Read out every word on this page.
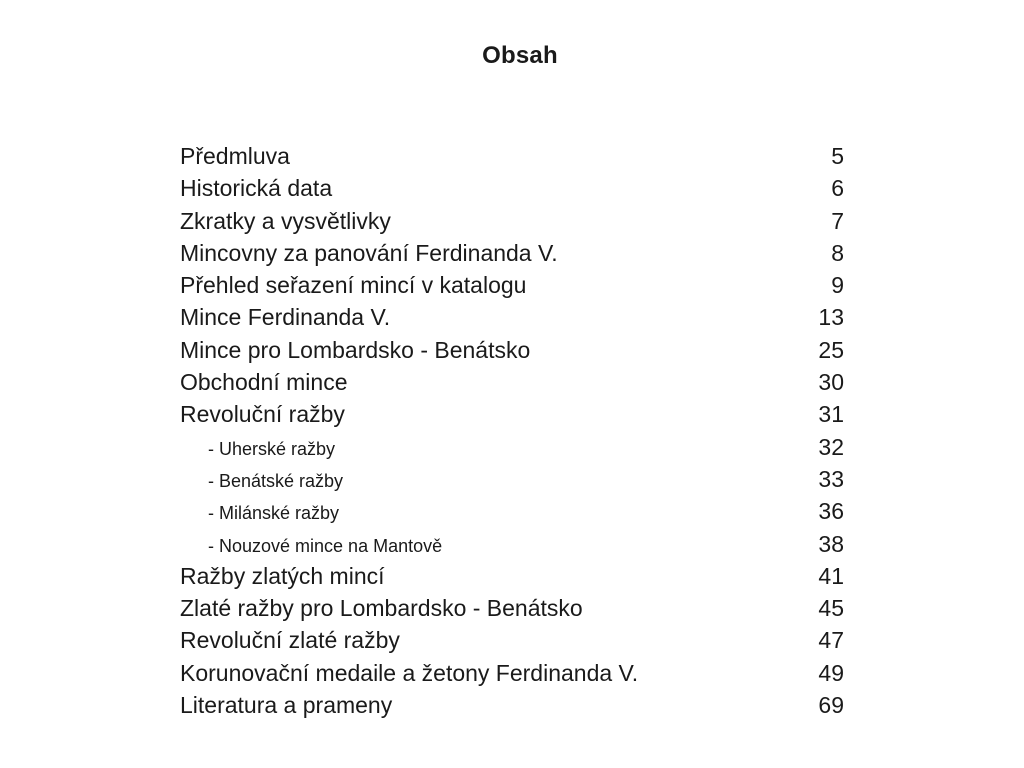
Obsah
Předmluva	5
Historická data	6
Zkratky a vysvětlivky	7
Mincovny za panování Ferdinanda V.	8
Přehled seřazení mincí v katalogu	9
Mince Ferdinanda V.	13
Mince pro Lombardsko - Benátsko	25
Obchodní mince	30
Revoluční ražby	31
- Uherské ražby	32
- Benátské ražby	33
- Milánské ražby	36
- Nouzové mince na Mantově	38
Ražby zlatých mincí	41
Zlaté ražby pro Lombardsko - Benátsko	45
Revoluční zlaté ražby	47
Korunovační medaile a žetony Ferdinanda V.	49
Literatura a prameny	69
